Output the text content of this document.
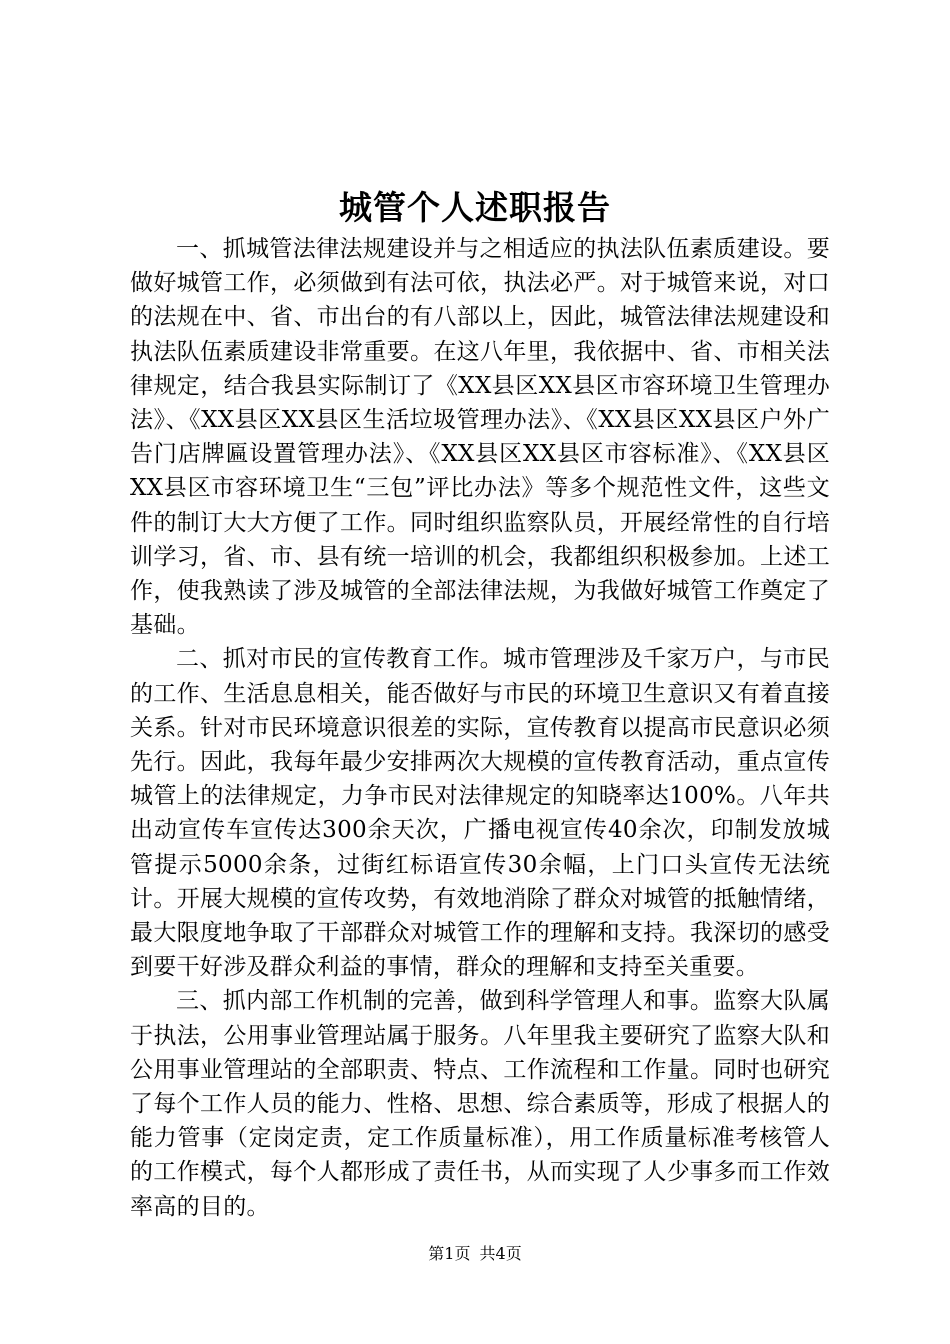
城管个人述职报告

一、抓城管法律法规建设并与之相适应的执法队伍素质建设。要做好城管工作，必须做到有法可依，执法必严。对于城管来说，对口的法规在中、省、市出台的有八部以上，因此，城管法律法规建设和执法队伍素质建设非常重要。在这八年里，我依据中、省、市相关法律规定，结合我县实际制订了《XX县区XX县区市容环境卫生管理办法》、《XX县区XX县区生活垃圾管理办法》、《XX县区XX县区户外广告门店牌匾设置管理办法》、《XX县区XX县区市容标准》、《XX县区XX县区市容环境卫生“三包”评比办法》等多个规范性文件，这些文件的制订大大方便了工作。同时组织监察队员，开展经常性的自行培训学习，省、市、县有统一培训的机会，我都组织积极参加。上述工作，使我熟读了涉及城管的全部法律法规，为我做好城管工作奠定了基础。

二、抓对市民的宣传教育工作。城市管理涉及千家万户，与市民的工作、生活息息相关，能否做好与市民的环境卫生意识又有着直接关系。针对市民环境意识很差的实际，宣传教育以提高市民意识必须先行。因此，我每年最少安排两次大规模的宣传教育活动，重点宣传城管上的法律规定，力争市民对法律规定的知晓率达100%。八年共出动宣传车宣传达300余天次，广播电视宣传40余次，印制发放城管提示5000余条，过街红标语宣传30余幅，上门口头宣传无法统计。开展大规模的宣传攻势，有效地消除了群众对城管的抵触情绪，最大限度地争取了干部群众对城管工作的理解和支持。我深切的感受到要干好涉及群众利益的事情，群众的理解和支持至关重要。

三、抓内部工作机制的完善，做到科学管理人和事。监察大队属于执法，公用事业管理站属于服务。八年里我主要研究了监察大队和公用事业管理站的全部职责、特点、工作流程和工作量。同时也研究了每个工作人员的能力、性格、思想、综合素质等，形成了根据人的能力管事（定岗定责，定工作质量标准），用工作质量标准考核管人的工作模式，每个人都形成了责任书，从而实现了人少事多而工作效率高的目的。

第1页 共4页
